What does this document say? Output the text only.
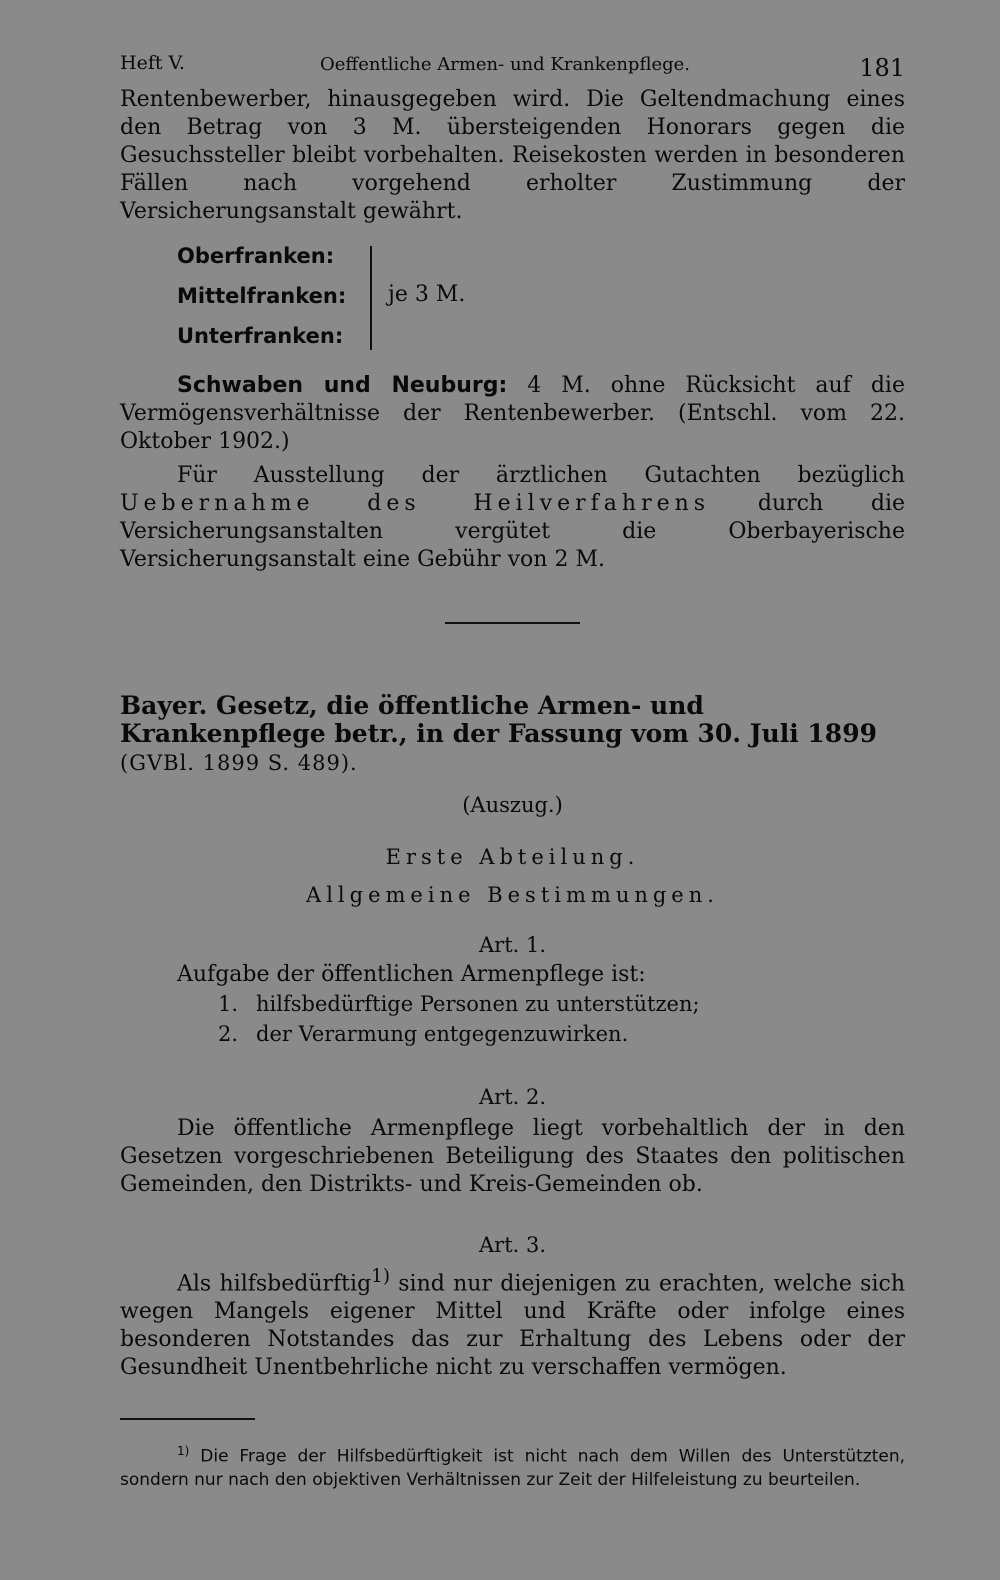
Heft V.	Oeffentliche Armen- und Krankenpflege.	181

Rentenbewerber, hinausgegeben wird. Die Geltendmachung eines den Betrag von 3 M. übersteigenden Honorars gegen die Gesuchssteller bleibt vorbehalten. Reisekosten werden in besonderen Fällen nach vorgehend erholter Zustimmung der Versicherungsanstalt gewährt.

Oberfranken:
Mittelfranken:
Unterfranken:
je 3 M.

Schwaben und Neuburg: 4 M. ohne Rücksicht auf die Vermögensverhältnisse der Rentenbewerber. (Entschl. vom 22. Oktober 1902.)

Für Ausstellung der ärztlichen Gutachten bezüglich Uebernahme des Heilverfahrens durch die Versicherungsanstalten vergütet die Oberbayerische Versicherungsanstalt eine Gebühr von 2 M.

Bayer. Gesetz, die öffentliche Armen- und Krankenpflege betr., in der Fassung vom 30. Juli 1899 (GVBl. 1899 S. 489).
(Auszug.)
Erste Abteilung.
Allgemeine Bestimmungen.
Art. 1.

Aufgabe der öffentlichen Armenpflege ist:

1. hilfsbedürftige Personen zu unterstützen;
2. der Verarmung entgegenzuwirken.
Art. 2.

Die öffentliche Armenpflege liegt vorbehaltlich der in den Gesetzen vorgeschriebenen Beteiligung des Staates den politischen Gemeinden, den Distrikts- und Kreis-Gemeinden ob.

Art. 3.

Als hilfsbedürftig$^{1)}$ sind nur diejenigen zu erachten, welche sich wegen Mangels eigener Mittel und Kräfte oder infolge eines besonderen Notstandes das zur Erhaltung des Lebens oder der Gesundheit Unentbehrliche nicht zu verschaffen vermögen.

$^{1)}$ Die Frage der Hilfsbedürftigkeit ist nicht nach dem Willen des Unterstützten, sondern nur nach den objektiven Verhältnissen zur Zeit der Hilfeleistung zu beurteilen.
